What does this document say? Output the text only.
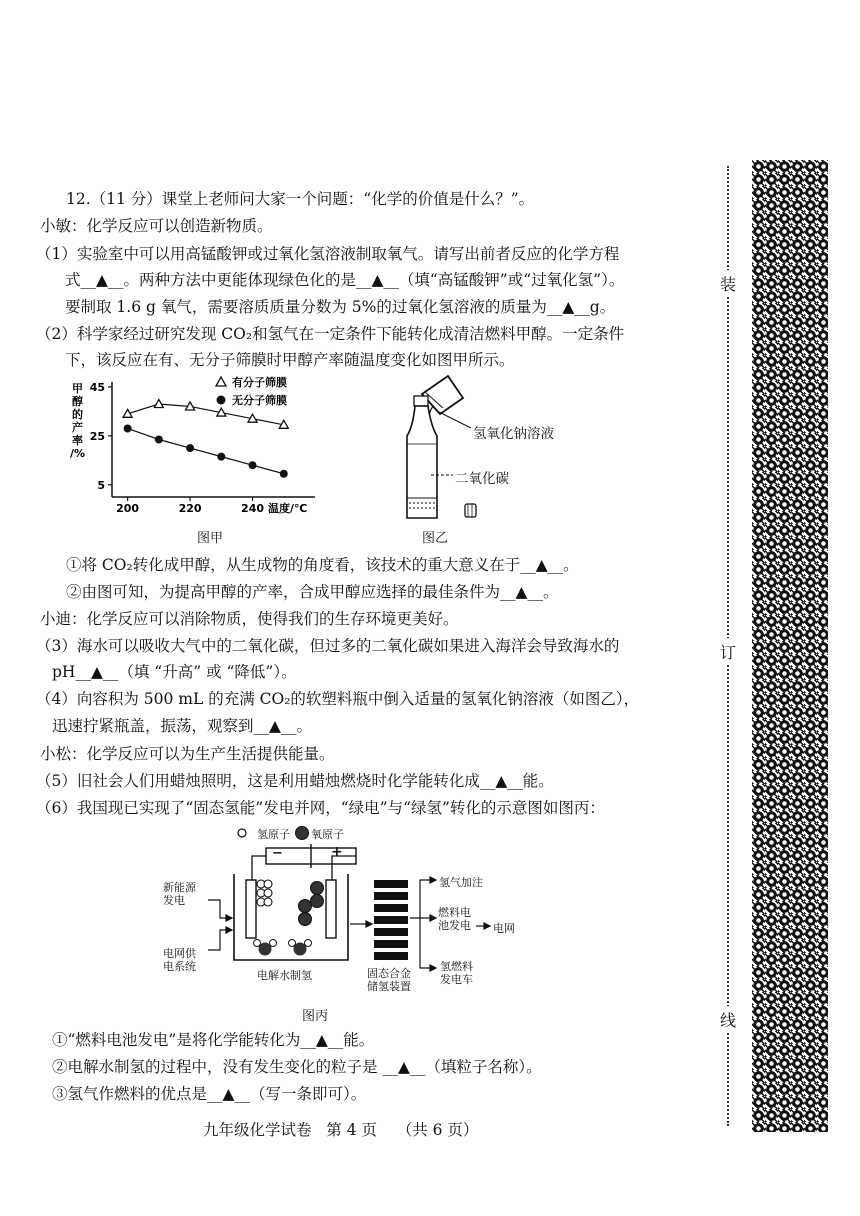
12.（11 分）课堂上老师问大家一个问题：“化学的价值是什么？”。
小敏：化学反应可以创造新物质。
（1）实验室中可以用高锰酸钾或过氧化氢溶液制取氧气。请写出前者反应的化学方程
式__▲__。两种方法中更能体现绿色化的是__▲__（填“高锰酸钾”或“过氧化氢”）。
要制取 1.6 g 氧气，需要溶质质量分数为 5%的过氧化氢溶液的质量为__▲__g。
（2）科学家经过研究发现 CO₂和氢气在一定条件下能转化成清洁燃料甲醇。一定条件
下，该反应在有、无分子筛膜时甲醇产率随温度变化如图甲所示。
200	220	240
5
25
45
甲醇的产率/%
温度/℃
有分子筛膜
无分子筛膜
图甲
氢氧化钠溶液
二氧化碳
图乙
①将 CO₂转化成甲醇，从生成物的角度看，该技术的重大意义在于__▲__。
②由图可知，为提高甲醇的产率，合成甲醇应选择的最佳条件为__▲__。
小迪：化学反应可以消除物质，使得我们的生存环境更美好。
（3）海水可以吸收大气中的二氧化碳，但过多的二氧化碳如果进入海洋会导致海水的
pH__▲__（填 “升高” 或 “降低”）。
（4）向容积为 500 mL 的充满 CO₂的软塑料瓶中倒入适量的氢氧化钠溶液（如图乙），
迅速拧紧瓶盖，振荡，观察到__▲__。
小松：化学反应可以为生产生活提供能量。
（5）旧社会人们用蜡烛照明，这是利用蜡烛燃烧时化学能转化成__▲__能。
（6）我国现已实现了“固态氢能”发电并网，“绿电”与“绿氢”转化的示意图如图丙：
氢原子 氧原子
−	+
新能源
发电
电网供
电系统
电解水制氢	固态合金
储氢装置
氢气加注
燃料电
池发电 电网
氢燃料
发电车
图丙
①“燃料电池发电”是将化学能转化为__▲__能。
②电解水制氢的过程中，没有发生变化的粒子是 __▲__（填粒子名称）。
③氢气作燃料的优点是__▲__（写一条即可）。
九年级化学试卷   第 4 页    （共 6 页）
装
订
线
